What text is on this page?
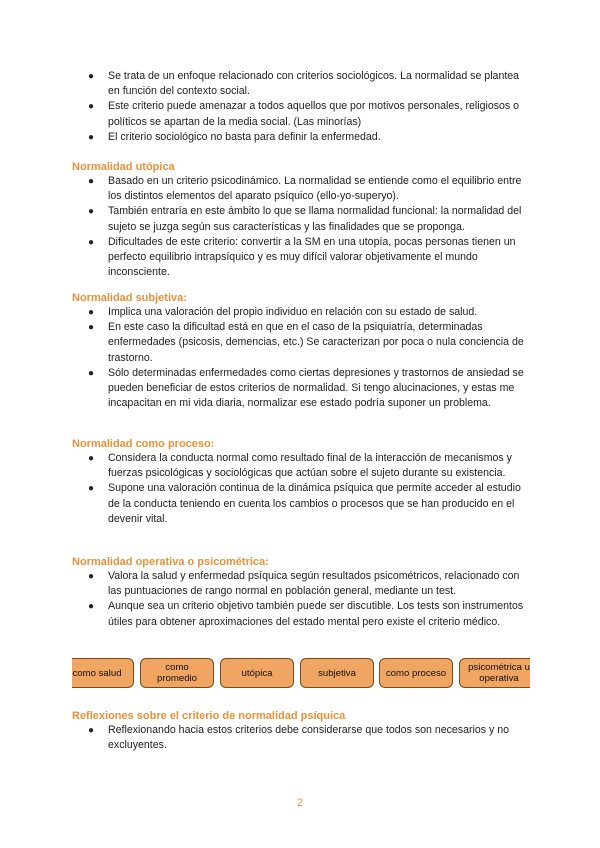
● Se trata de un enfoque relacionado con criterios sociológicos. La normalidad se plantea en función del contexto social.
● Este criterio puede amenazar a todos aquellos que por motivos personales, religiosos o políticos se apartan de la media social. (Las minorías)
● El criterio sociológico no basta para definir la enfermedad.
Normalidad utópica
● Basado en un criterio psicodinámico. La normalidad se entiende como el equilibrio entre los distintos elementos del aparato psíquico (ello-yo-superyo).
● También entraría en este ámbito lo que se llama normalidad funcional: la normalidad del sujeto se juzga según sus características y las finalidades que se proponga.
● Dificultades de este criterio: convertir a la SM en una utopía, pocas personas tienen un perfecto equilibrio intrapsíquico y es muy difícil valorar objetivamente el mundo inconsciente.
Normalidad subjetiva:
● Implica una valoración del propio individuo en relación con su estado de salud.
● En este caso la dificultad está en que en el caso de la psiquiatría, determinadas enfermedades (psicosis, demencias, etc.) Se caracterizan por poca o nula conciencia de trastorno.
● Sólo determinadas enfermedades como ciertas depresiones y trastornos de ansiedad se pueden beneficiar de estos criterios de normalidad. Si tengo alucinaciones, y estas me incapacitan en mi vida diaria, normalizar ese estado podría suponer un problema.
Normalidad como proceso:
● Considera la conducta normal como resultado final de la interacción de mecanismos y fuerzas psicológicas y sociológicas que actúan sobre el sujeto durante su existencia.
● Supone una valoración continua de la dinámica psíquica que permite acceder al estudio de la conducta teniendo en cuenta los cambios o procesos que se han producido en el devenir vital.
Normalidad operativa o psicométrica:
● Valora la salud y enfermedad psíquica según resultados psicométricos, relacionado con las puntuaciones de rango normal en población general, mediante un test.
● Aunque sea un criterio objetivo también puede ser discutible. Los tests son instrumentos útiles para obtener aproximaciones del estado mental pero existe el criterio médico.
como salud	como
promedio	utópica	subjetiva	como proceso	psicométrica u
operativa
Reflexiones sobre el criterio de normalidad psíquica
● Reflexionando hacia estos criterios debe considerarse que todos son necesarios y no excluyentes.
2
